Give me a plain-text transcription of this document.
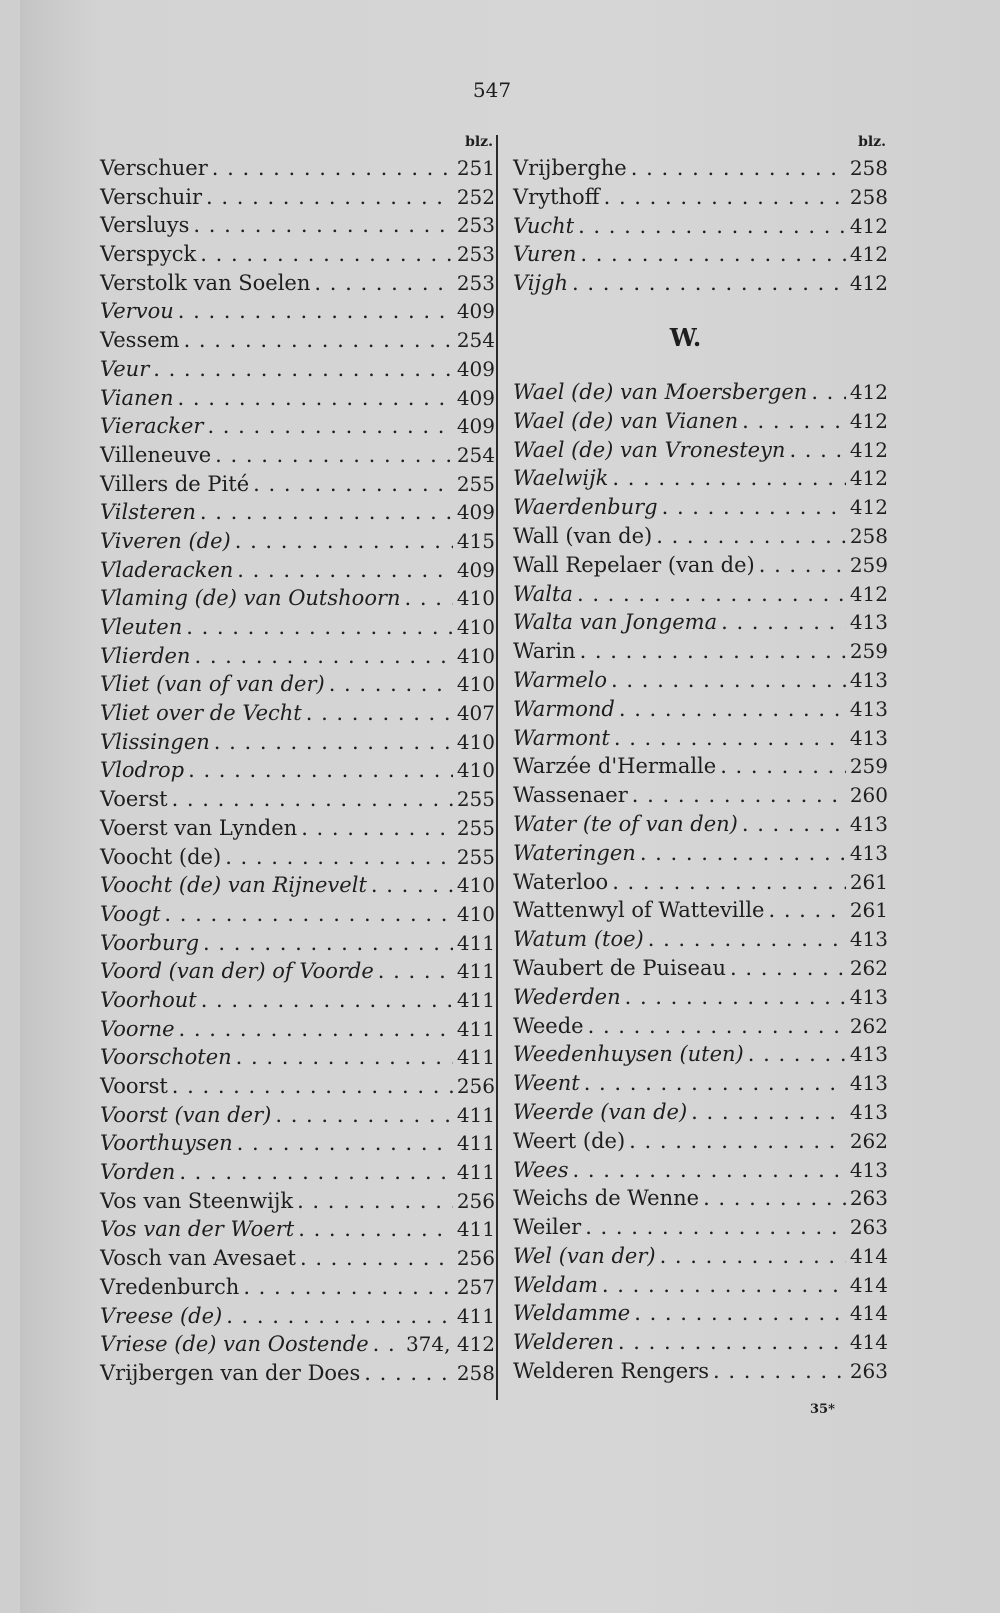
547
blz.
Verschuer . . .	251
Verschuir . . .	252
Versluys . . .	253
Verspyck . . .	253
Verstolk van Soelen . . .	253
Vervou . . .	409
Vessem . . .	254
Veur . . .	409
Vianen . . .	409
Vieracker . . .	409
Villeneuve . . .	254
Villers de Pité . . .	255
Vilsteren . . .	409
Viveren (de) . . .	415
Vladeracken . . .	409
Vlaming (de) van Outshoorn . . .	410
Vleuten . . .	410
Vlierden . . .	410
Vliet (van of van der) . . .	410
Vliet over de Vecht . . .	407
Vlissingen . . .	410
Vlodrop . . .	410
Voerst . . .	255
Voerst van Lynden . . .	255
Voocht (de) . . .	255
Voocht (de) van Rijnevelt . . .	410
Voogt . . .	410
Voorburg . . .	411
Voord (van der) of Voorde . . .	411
Voorhout . . .	411
Voorne . . .	411
Voorschoten . . .	411
Voorst . . .	256
Voorst (van der) . . .	411
Voorthuysen . . .	411
Vorden . . .	411
Vos van Steenwijk . . .	256
Vos van der Woert . . .	411
Vosch van Avesaet . . .	256
Vredenburch . . .	257
Vreese (de) . . .	411
Vriese (de) van Oostende . . . 374, 412
Vrijbergen van der Does . . .	258
blz.
Vrijberghe . . .	258
Vrythoff . . .	258
Vucht . . .	412
Vuren . . .	412
Vijgh . . .	412
W.
Wael (de) van Moersbergen . . . 412
Wael (de) van Vianen . . .	412
Wael (de) van Vronesteyn . . .	412
Waelwijk . . .	412
Waerdenburg . . .	412
Wall (van de) . . .	258
Wall Repelaer (van de) . . .	259
Walta . . .	412
Walta van Jongema . . .	413
Warin . . .	259
Warmelo . . .	413
Warmond . . .	413
Warmont . . .	413
Warzée d'Hermalle . . .	259
Wassenaer . . .	260
Water (te of van den) . . .	413
Wateringen . . .	413
Waterloo . . .	261
Wattenwyl of Watteville . . .	261
Watum (toe) . . .	413
Waubert de Puiseau . . .	262
Wederden . . .	413
Weede . . .	262
Weedenhuysen (uten) . . .	413
Weent . . .	413
Weerde (van de) . . .	413
Weert (de) . . .	262
Wees . . .	413
Weichs de Wenne . . .	263
Weiler . . .	263
Wel (van der) . . .	414
Weldam . . .	414
Weldamme . . .	414
Welderen . . .	414
Welderen Rengers . . .	263
35*
